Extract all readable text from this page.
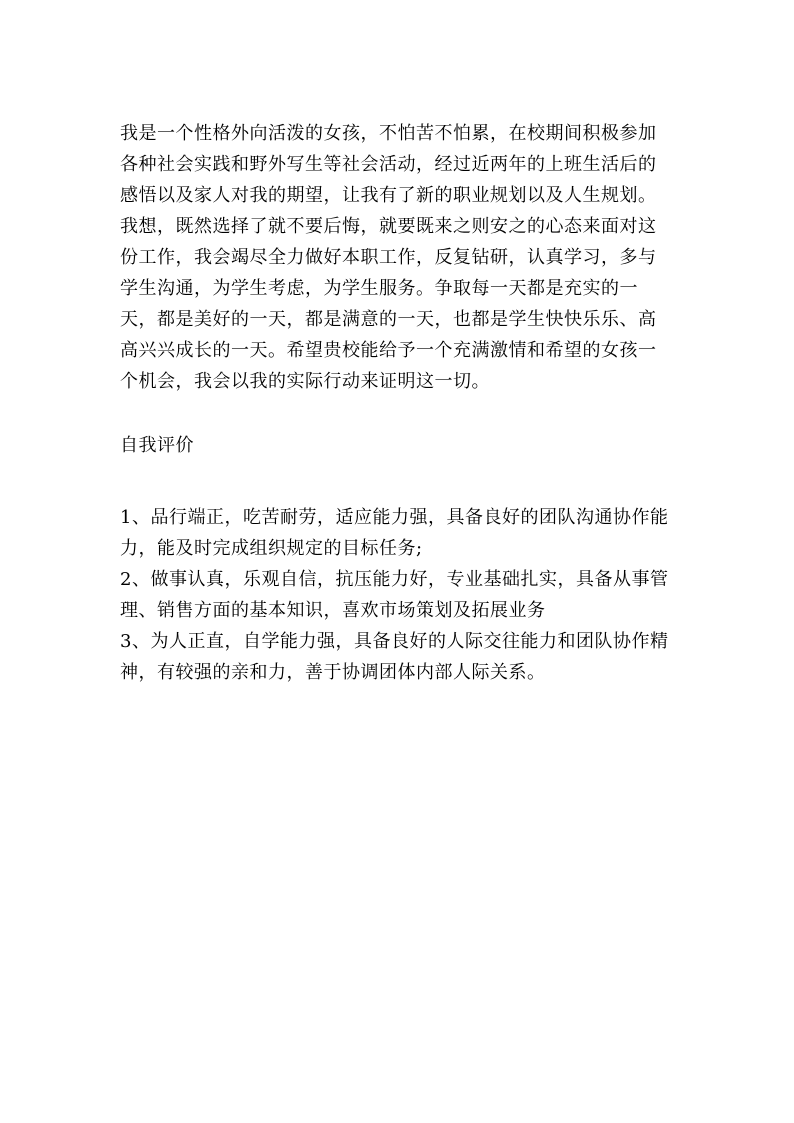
我是一个性格外向活泼的女孩，不怕苦不怕累，在校期间积极参加
各种社会实践和野外写生等社会活动，经过近两年的上班生活后的
感悟以及家人对我的期望，让我有了新的职业规划以及人生规划。
我想，既然选择了就不要后悔，就要既来之则安之的心态来面对这
份工作，我会竭尽全力做好本职工作，反复钻研，认真学习，多与
学生沟通，为学生考虑，为学生服务。争取每一天都是充实的一
天，都是美好的一天，都是满意的一天，也都是学生快快乐乐、高
高兴兴成长的一天。希望贵校能给予一个充满激情和希望的女孩一
个机会，我会以我的实际行动来证明这一切。
自我评价
1、品行端正，吃苦耐劳，适应能力强，具备良好的团队沟通协作能
力，能及时完成组织规定的目标任务;
2、做事认真，乐观自信，抗压能力好，专业基础扎实，具备从事管
理、销售方面的基本知识，喜欢市场策划及拓展业务
3、为人正直，自学能力强，具备良好的人际交往能力和团队协作精
神，有较强的亲和力，善于协调团体内部人际关系。
